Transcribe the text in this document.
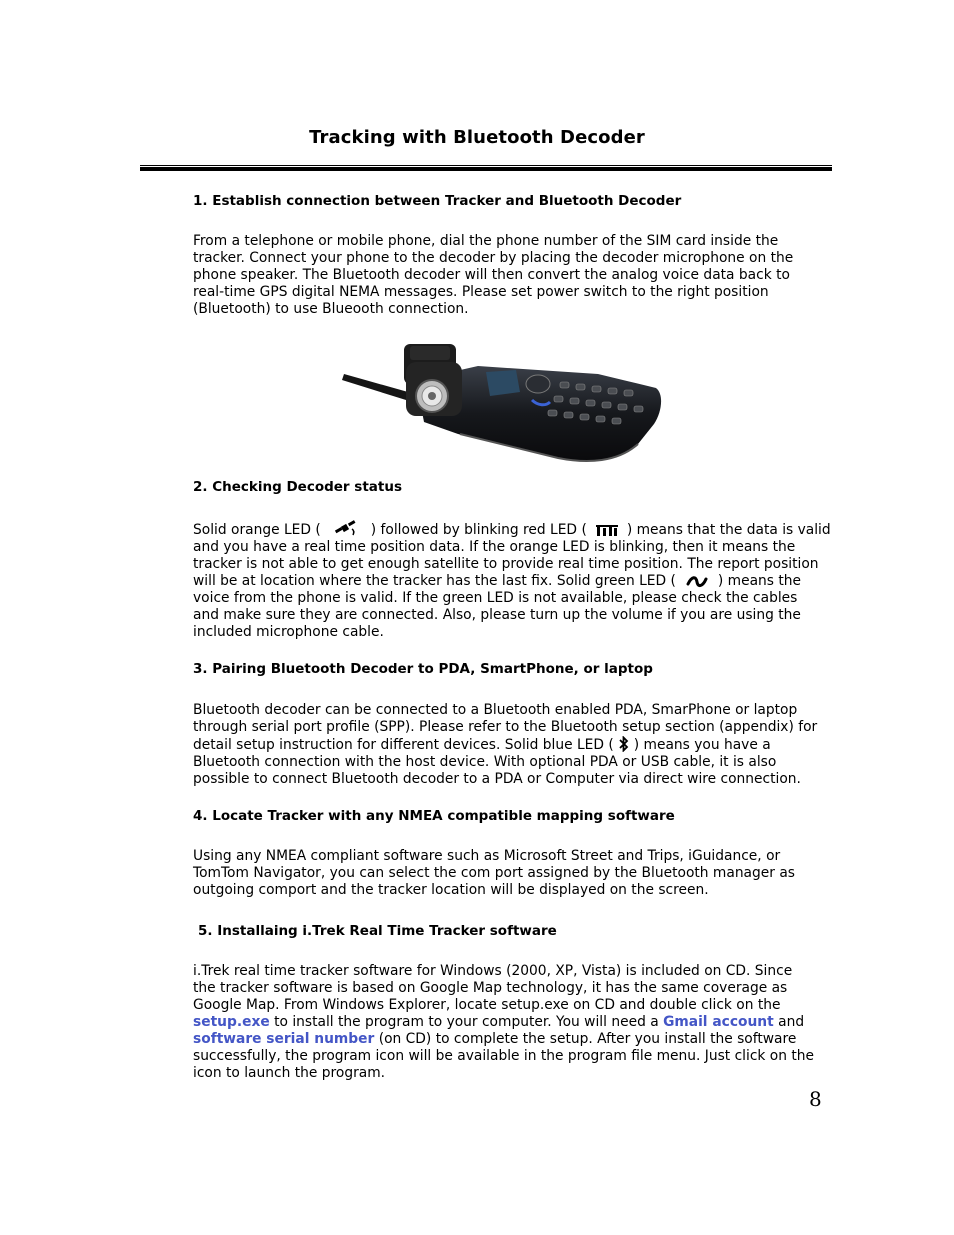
Tracking with Bluetooth Decoder
1. Establish connection between Tracker and Bluetooth Decoder
From a telephone or mobile phone, dial the phone number of the SIM card inside the
tracker. Connect your phone to the decoder by placing the decoder microphone on the
phone speaker. The Bluetooth decoder will then convert the analog voice data back to
real-time GPS digital NEMA messages. Please set power switch to the right position
(Bluetooth) to use Blueooth connection.
2. Checking Decoder status
Solid orange LED (	) followed by blinking red LED (	) means that the data is valid
and you have a real time position data. If the orange LED is blinking, then it means the
tracker is not able to get enough satellite to provide real time position. The report position
will be at location where the tracker has the last fix. Solid green LED (	) means the
voice from the phone is valid. If the green LED is not available, please check the cables
and make sure they are connected. Also, please turn up the volume if you are using the
included microphone cable.
3. Pairing Bluetooth Decoder to PDA, SmartPhone, or laptop
Bluetooth decoder can be connected to a Bluetooth enabled PDA, SmarPhone or laptop
through serial port profile (SPP). Please refer to the Bluetooth setup section (appendix) for
detail setup instruction for different devices. Solid blue LED ( ) means you have a
Bluetooth connection with the host device. With optional PDA or USB cable, it is also
possible to connect Bluetooth decoder to a PDA or Computer via direct wire connection.
4. Locate Tracker with any NMEA compatible mapping software
Using any NMEA compliant software such as Microsoft Street and Trips, iGuidance, or
TomTom Navigator, you can select the com port assigned by the Bluetooth manager as
outgoing comport and the tracker location will be displayed on the screen.
5. Installaing i.Trek Real Time Tracker software
i.Trek real time tracker software for Windows (2000, XP, Vista) is included on CD. Since
the tracker software is based on Google Map technology, it has the same coverage as
Google Map. From Windows Explorer, locate setup.exe on CD and double click on the
setup.exe to install the program to your computer. You will need a Gmail account and
software serial number (on CD) to complete the setup. After you install the software
successfully, the program icon will be available in the program file menu. Just click on the
icon to launch the program.
8
